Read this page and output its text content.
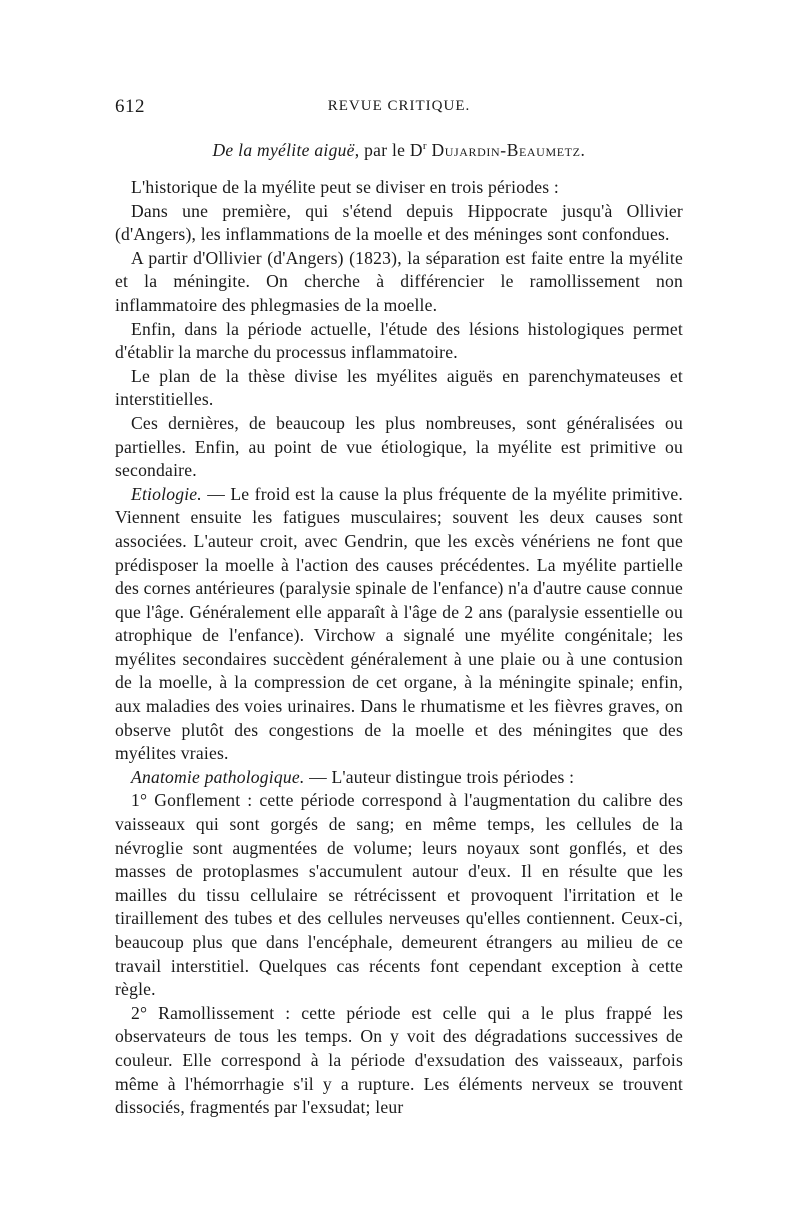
612	REVUE CRITIQUE.
De la myélite aiguë, par le $D^r$ Dujardin-Beaumetz.

L'historique de la myélite peut se diviser en trois périodes :

Dans une première, qui s'étend depuis Hippocrate jusqu'à Ollivier (d'Angers), les inflammations de la moelle et des méninges sont confondues.

A partir d'Ollivier (d'Angers) (1823), la séparation est faite entre la myélite et la méningite. On cherche à différencier le ramollissement non inflammatoire des phlegmasies de la moelle.

Enfin, dans la période actuelle, l'étude des lésions histologiques permet d'établir la marche du processus inflammatoire.

Le plan de la thèse divise les myélites aiguës en parenchymateuses et interstitielles.

Ces dernières, de beaucoup les plus nombreuses, sont généralisées ou partielles. Enfin, au point de vue étiologique, la myélite est primitive ou secondaire.

Etiologie. — Le froid est la cause la plus fréquente de la myélite primitive. Viennent ensuite les fatigues musculaires; souvent les deux causes sont associées. L'auteur croit, avec Gendrin, que les excès vénériens ne font que prédisposer la moelle à l'action des causes précédentes. La myélite partielle des cornes antérieures (paralysie spinale de l'enfance) n'a d'autre cause connue que l'âge. Généralement elle apparaît à l'âge de 2 ans (paralysie essentielle ou atrophique de l'enfance). Virchow a signalé une myélite congénitale; les myélites secondaires succèdent généralement à une plaie ou à une contusion de la moelle, à la compression de cet organe, à la méningite spinale; enfin, aux maladies des voies urinaires. Dans le rhumatisme et les fièvres graves, on observe plutôt des congestions de la moelle et des méningites que des myélites vraies.

Anatomie pathologique. — L'auteur distingue trois périodes :

1° Gonflement : cette période correspond à l'augmentation du calibre des vaisseaux qui sont gorgés de sang; en même temps, les cellules de la névroglie sont augmentées de volume; leurs noyaux sont gonflés, et des masses de protoplasmes s'accumulent autour d'eux. Il en résulte que les mailles du tissu cellulaire se rétrécissent et provoquent l'irritation et le tiraillement des tubes et des cellules nerveuses qu'elles contiennent. Ceux-ci, beaucoup plus que dans l'encéphale, demeurent étrangers au milieu de ce travail interstitiel. Quelques cas récents font cependant exception à cette règle.

2° Ramollissement : cette période est celle qui a le plus frappé les observateurs de tous les temps. On y voit des dégradations successives de couleur. Elle correspond à la période d'exsudation des vaisseaux, parfois même à l'hémorrhagie s'il y a rupture. Les éléments nerveux se trouvent dissociés, fragmentés par l'exsudat; leur
